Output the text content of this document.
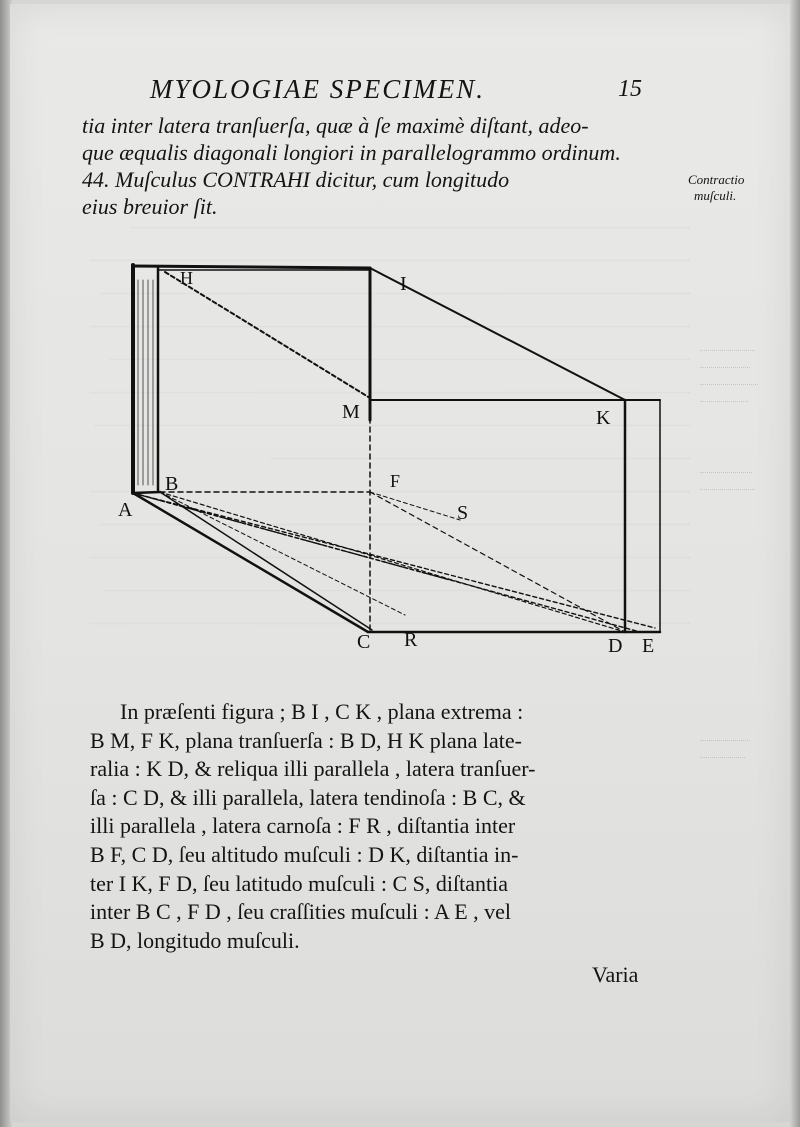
MYOLOGIAE SPECIMEN.	15
tia inter latera tranſuerſa, quæ à ſe maximè diſtant, adeo-
que æqualis diagonali longiori in parallelogrammo ordinum.
44. Muſculus CONTRAHI dicitur, cum longitudo
eius breuior ſit.
Contractio
muſculi.
H	I
M	K
F
B
A	S
C R	D E
In præſenti figura ; B I , C K , plana extrema :
B M, F K, plana tranſuerſa : B D, H K plana late-
ralia : K D, & reliqua illi parallela , latera tranſuer-
ſa : C D, & illi parallela, latera tendinoſa : B C, &
illi parallela , latera carnoſa : F R , diſtantia inter
B F, C D, ſeu altitudo muſculi : D K, diſtantia in-
ter I K, F D, ſeu latitudo muſculi : C S, diſtantia
inter B C , F D , ſeu craſſities muſculi : A E , vel
B D, longitudo muſculi.
Varia
